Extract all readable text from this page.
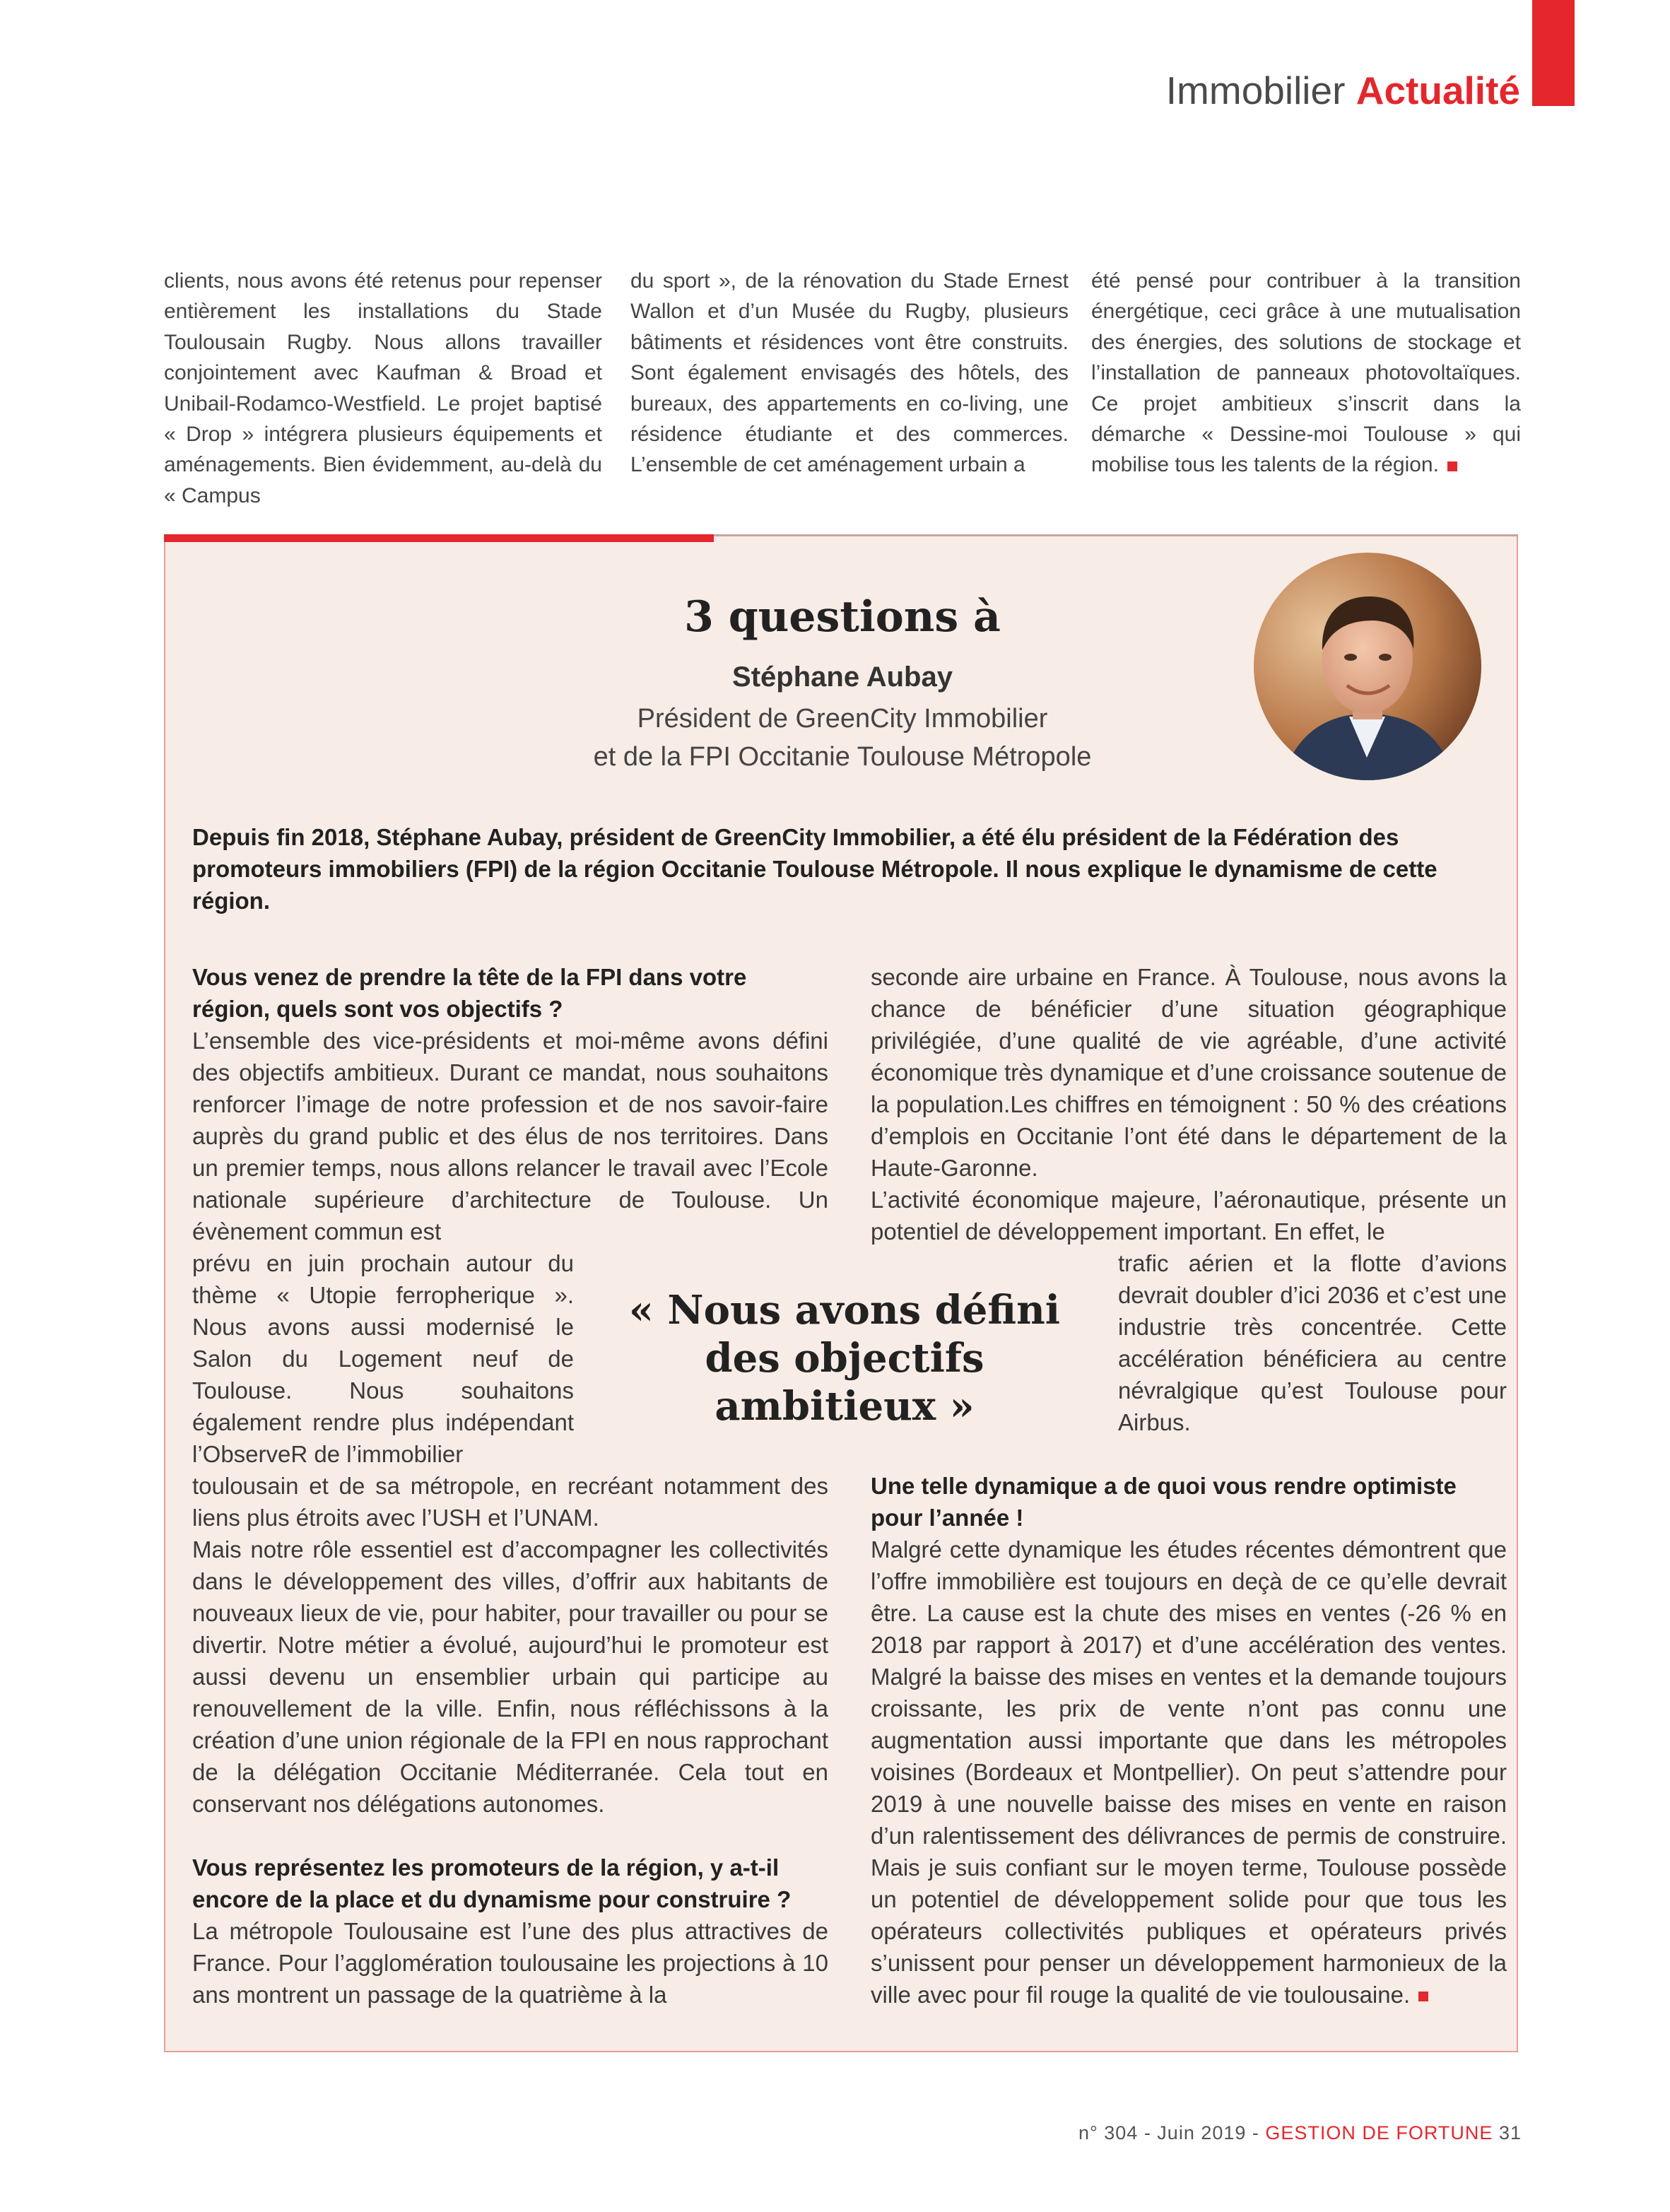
Immobilier Actualité

clients, nous avons été retenus pour repenser entièrement les installations du Stade Toulousain Rugby. Nous allons travailler conjointement avec Kaufman & Broad et Unibail-Rodamco-Westfield. Le projet baptisé « Drop » intégrera plusieurs équipements et aménagements. Bien évidemment, au-delà du « Campus

du sport », de la rénovation du Stade Ernest Wallon et d’un Musée du Rugby, plusieurs bâtiments et résidences vont être construits. Sont également envisagés des hôtels, des bureaux, des appartements en co-living, une résidence étudiante et des commerces. L’ensemble de cet aménagement urbain a

été pensé pour contribuer à la transition énergétique, ceci grâce à une mutualisation des énergies, des solutions de stockage et l’installation de panneaux photovoltaïques. Ce projet ambitieux s’inscrit dans la démarche « Dessine-moi Toulouse » qui mobilise tous les talents de la région.

3 questions à
Stéphane Aubay
Président de GreenCity Immobilier
et de la FPI Occitanie Toulouse Métropole

Depuis fin 2018, Stéphane Aubay, président de GreenCity Immobilier, a été élu président de la Fédération des promoteurs immobiliers (FPI) de la région Occitanie Toulouse Métropole. Il nous explique le dynamisme de cette région.

Vous venez de prendre la tête de la FPI dans votre région, quels sont vos objectifs ?

L’ensemble des vice-présidents et moi-même avons défini des objectifs ambitieux. Durant ce mandat, nous souhaitons renforcer l’image de notre profession et de nos savoir-faire auprès du grand public et des élus de nos territoires. Dans un premier temps, nous allons relancer le travail avec l’Ecole nationale supérieure d’architecture de Toulouse. Un évènement commun est

prévu en juin prochain autour du thème « Utopie ferropherique ». Nous avons aussi modernisé le Salon du Logement neuf de Toulouse. Nous souhaitons également rendre plus indépendant l’ObserveR de l’immobilier

toulousain et de sa métropole, en recréant notamment des liens plus étroits avec l’USH et l’UNAM.

Mais notre rôle essentiel est d’accompagner les collectivités dans le développement des villes, d’offrir aux habitants de nouveaux lieux de vie, pour habiter, pour travailler ou pour se divertir. Notre métier a évolué, aujourd’hui le promoteur est aussi devenu un ensemblier urbain qui participe au renouvellement de la ville. Enfin, nous réfléchissons à la création d’une union régionale de la FPI en nous rapprochant de la délégation Occitanie Méditerranée. Cela tout en conservant nos délégations autonomes.

Vous représentez les promoteurs de la région, y a-t-il encore de la place et du dynamisme pour construire ?

La métropole Toulousaine est l’une des plus attractives de France. Pour l’agglomération toulousaine les projections à 10 ans montrent un passage de la quatrième à la

« Nous avons défini des objectifs ambitieux »

seconde aire urbaine en France. À Toulouse, nous avons la chance de bénéficier d’une situation géographique privilégiée, d’une qualité de vie agréable, d’une activité économique très dynamique et d’une croissance soutenue de la population.Les chiffres en témoignent : 50 % des créations d’emplois en Occitanie l’ont été dans le département de la Haute-Garonne.

L’activité économique majeure, l’aéronautique, présente un potentiel de développement important. En effet, le

trafic aérien et la flotte d’avions devrait doubler d’ici 2036 et c’est une industrie très concentrée. Cette accélération bénéficiera au centre névralgique qu’est Toulouse pour Airbus.

Une telle dynamique a de quoi vous rendre optimiste pour l’année !

Malgré cette dynamique les études récentes démontrent que l’offre immobilière est toujours en deçà de ce qu’elle devrait être. La cause est la chute des mises en ventes (-26 % en 2018 par rapport à 2017) et d’une accélération des ventes. Malgré la baisse des mises en ventes et la demande toujours croissante, les prix de vente n’ont pas connu une augmentation aussi importante que dans les métropoles voisines (Bordeaux et Montpellier). On peut s’attendre pour 2019 à une nouvelle baisse des mises en vente en raison d’un ralentissement des délivrances de permis de construire. Mais je suis confiant sur le moyen terme, Toulouse possède un potentiel de développement solide pour que tous les opérateurs collectivités publiques et opérateurs privés s’unissent pour penser un développement harmonieux de la ville avec pour fil rouge la qualité de vie toulousaine.

n° 304 - Juin 2019 - GESTION DE FORTUNE 31
